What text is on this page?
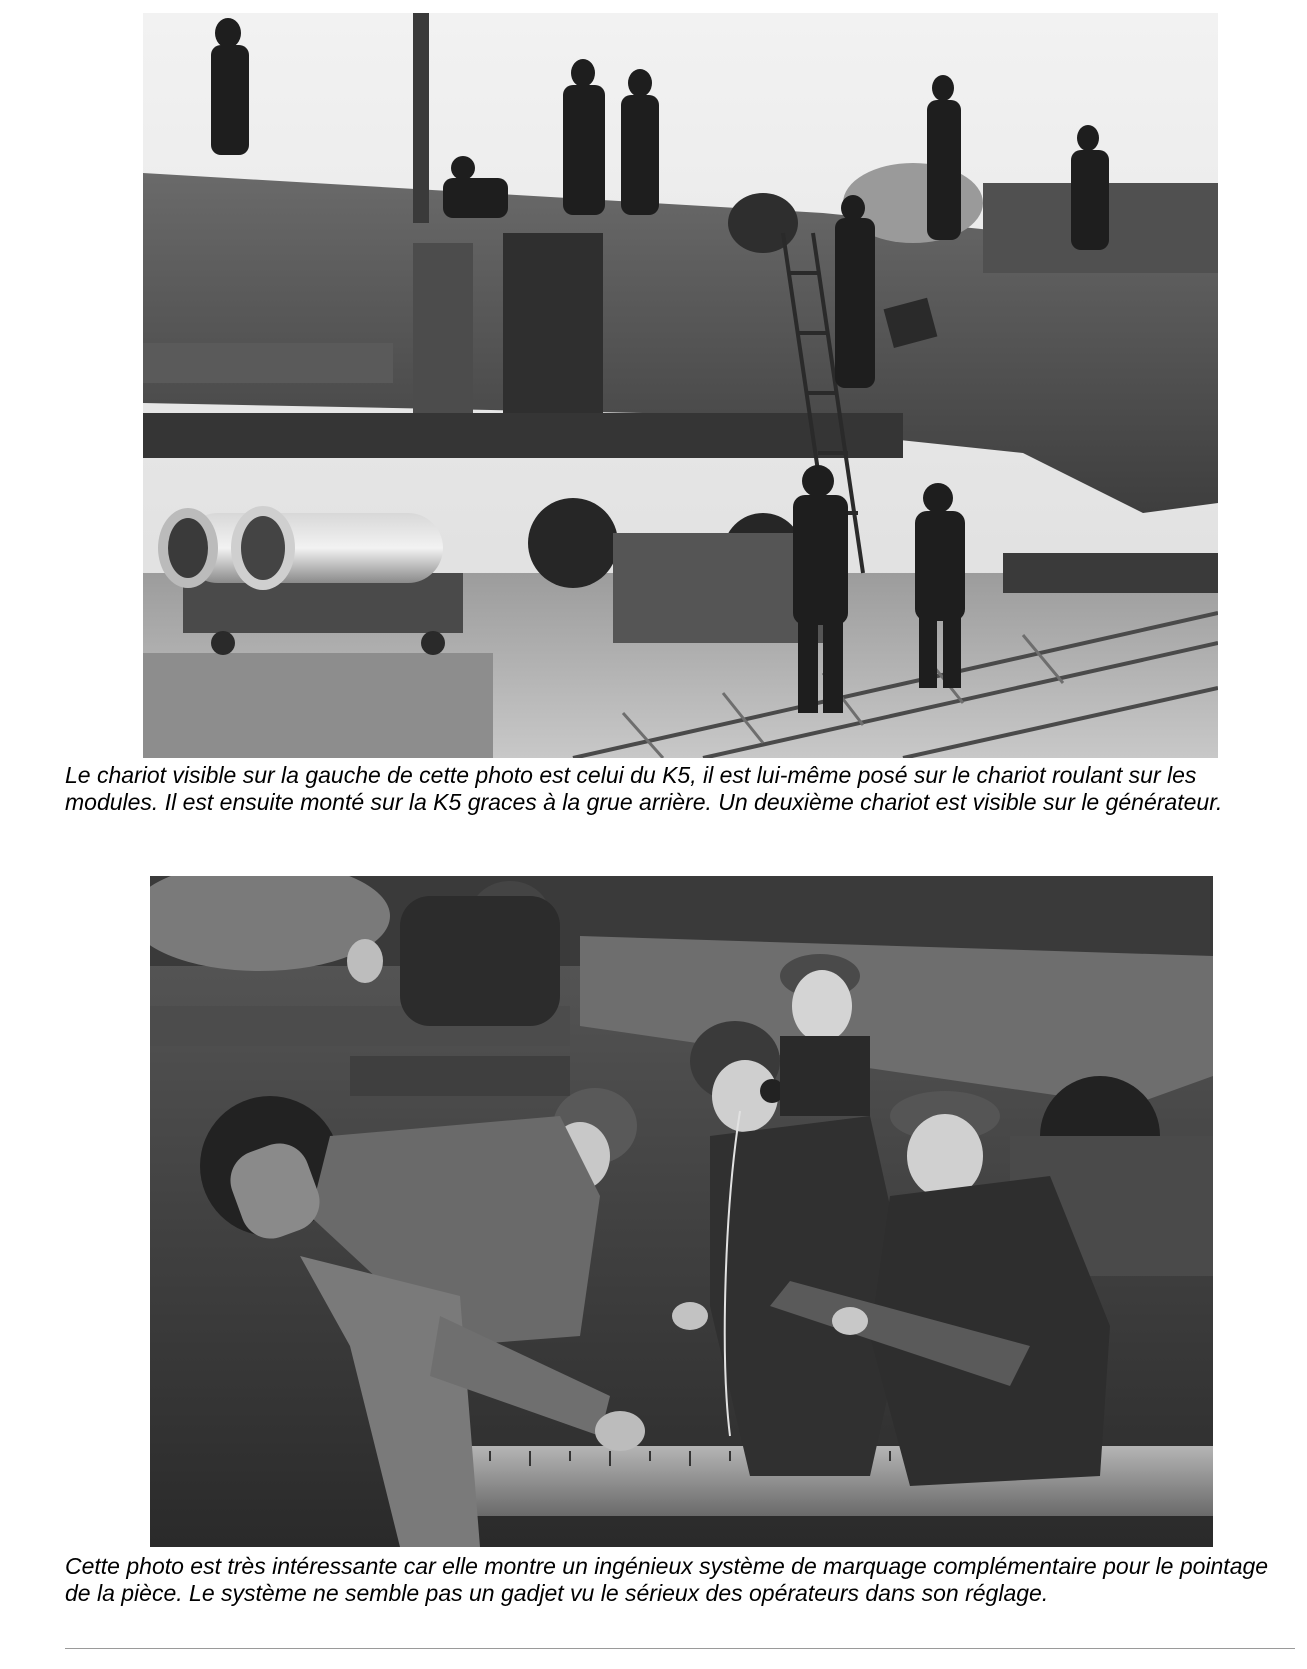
Le chariot visible sur la gauche de cette photo est celui du K5, il est lui-même posé sur le chariot roulant sur les modules. Il est ensuite monté sur la K5 graces à la grue arrière. Un deuxième chariot est visible sur le générateur.

Cette photo est très intéressante car elle montre un ingénieux système de marquage complémentaire pour le pointage de la pièce. Le système ne semble pas un gadjet vu le sérieux des opérateurs dans son réglage.
